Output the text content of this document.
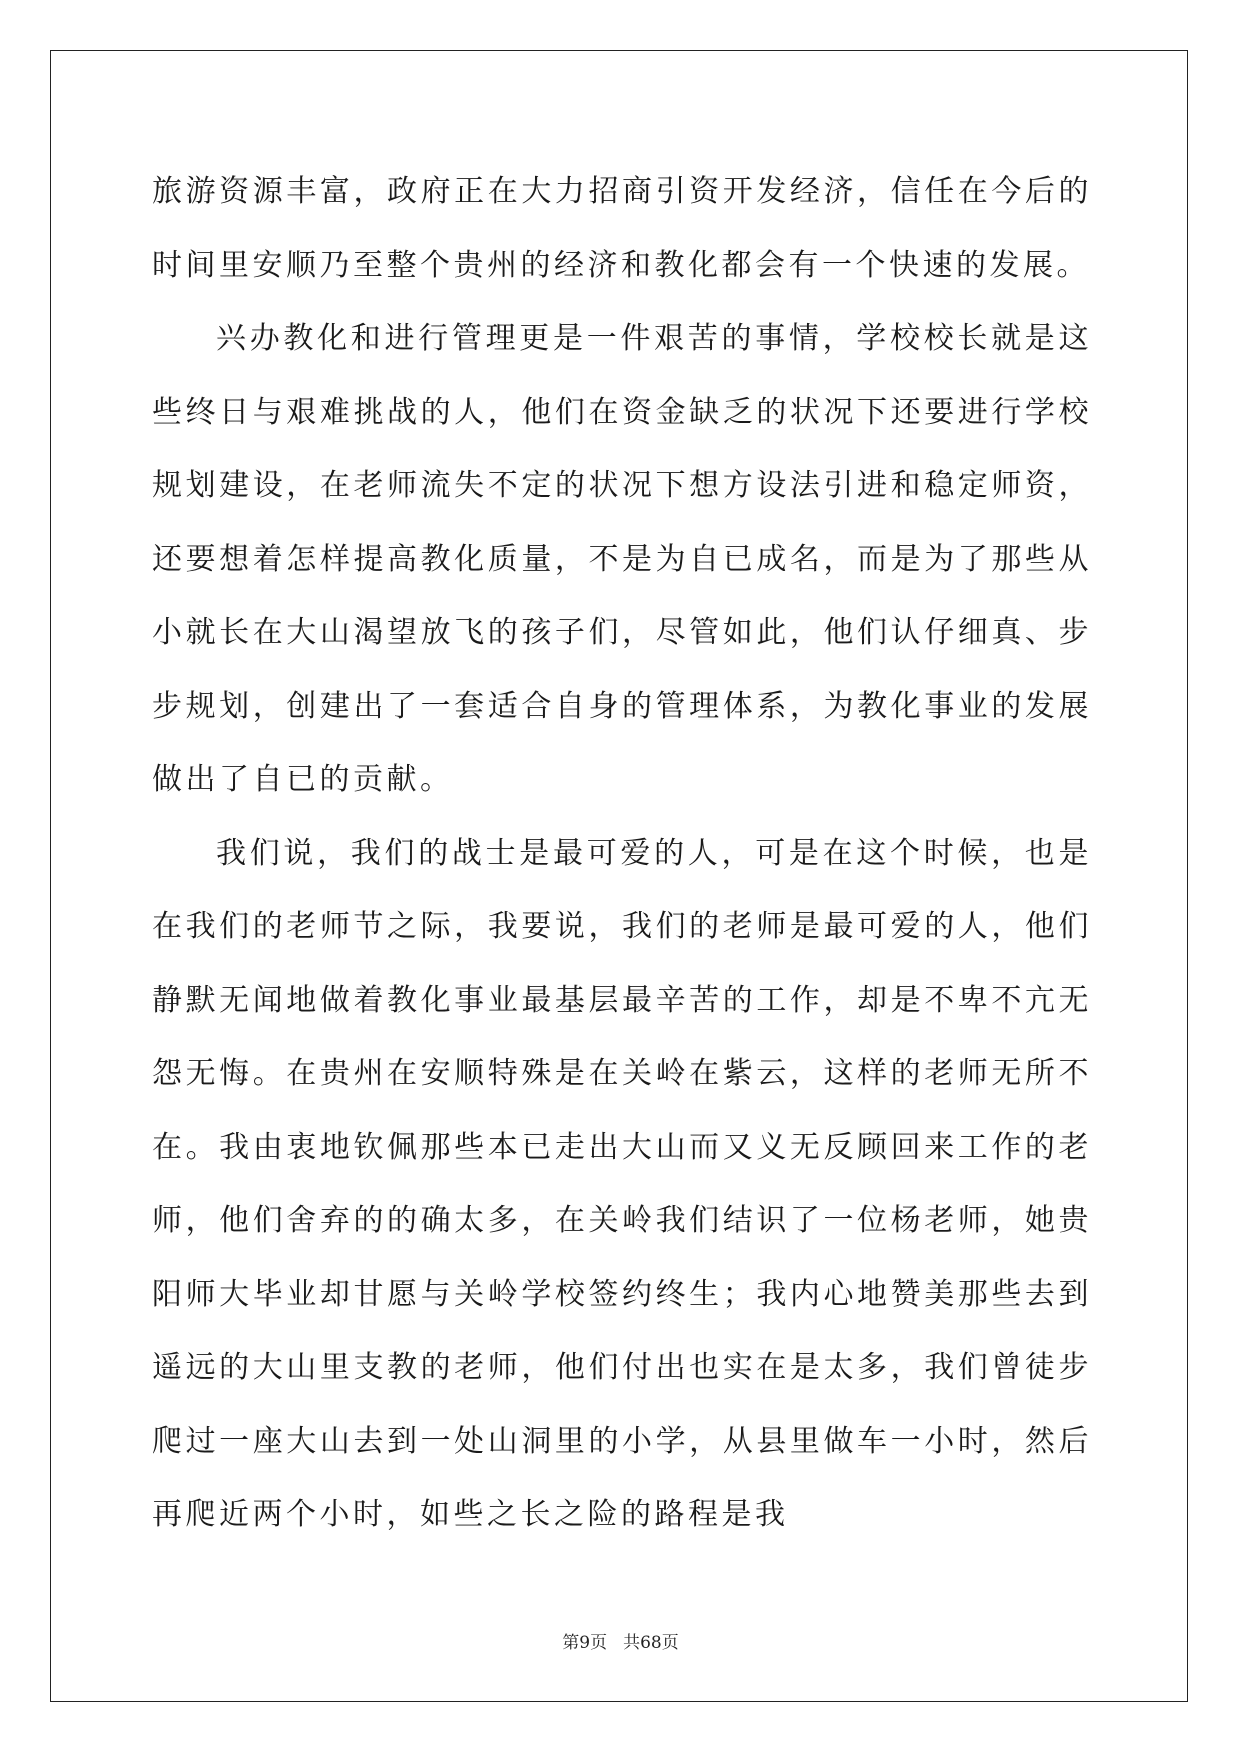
旅游资源丰富，政府正在大力招商引资开发经济，信任在今后的时间里安顺乃至整个贵州的经济和教化都会有一个快速的发展。

兴办教化和进行管理更是一件艰苦的事情，学校校长就是这些终日与艰难挑战的人，他们在资金缺乏的状况下还要进行学校规划建设，在老师流失不定的状况下想方设法引进和稳定师资，还要想着怎样提高教化质量，不是为自已成名，而是为了那些从小就长在大山渴望放飞的孩子们，尽管如此，他们认仔细真、步步规划，创建出了一套适合自身的管理体系，为教化事业的发展做出了自已的贡献。

我们说，我们的战士是最可爱的人，可是在这个时候，也是在我们的老师节之际，我要说，我们的老师是最可爱的人，他们静默无闻地做着教化事业最基层最辛苦的工作，却是不卑不亢无怨无悔。在贵州在安顺特殊是在关岭在紫云，这样的老师无所不在。我由衷地钦佩那些本已走出大山而又义无反顾回来工作的老师，他们舍弃的的确太多，在关岭我们结识了一位杨老师，她贵阳师大毕业却甘愿与关岭学校签约终生；我内心地赞美那些去到遥远的大山里支教的老师，他们付出也实在是太多，我们曾徒步爬过一座大山去到一处山洞里的小学，从县里做车一小时，然后再爬近两个小时，如些之长之险的路程是我

第9页 共68页
